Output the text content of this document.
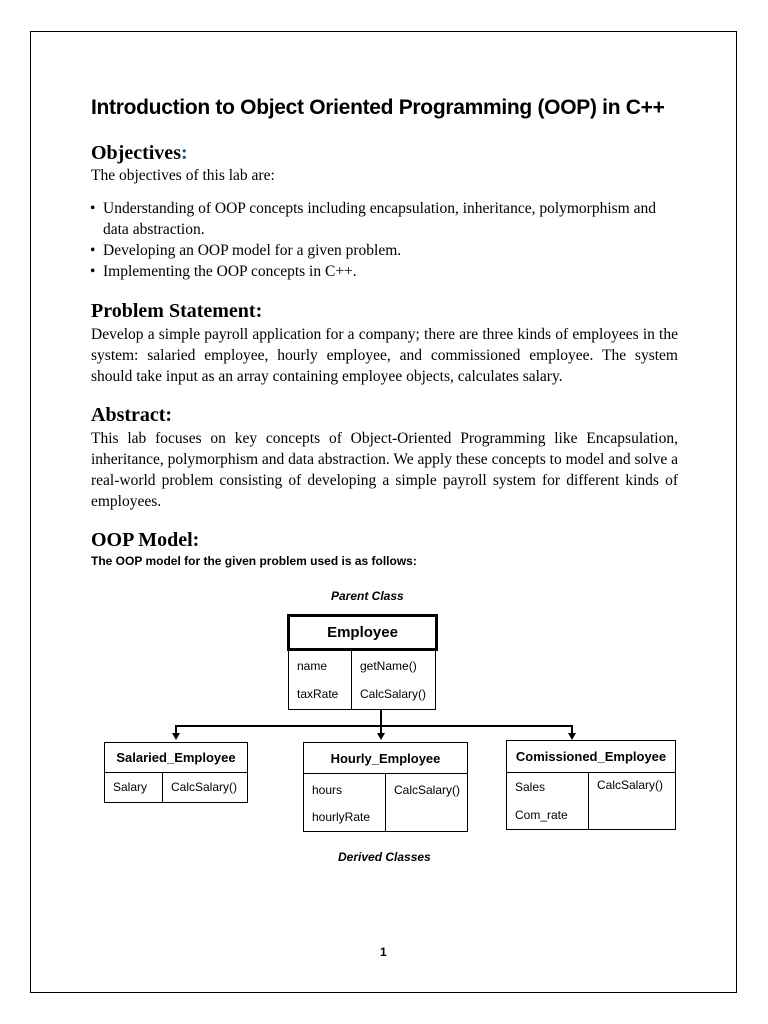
Introduction to Object Oriented Programming (OOP) in C++
Objectives:

The objectives of this lab are:

• Understanding of OOP concepts including encapsulation, inheritance, polymorphism and data abstraction.
• Developing an OOP model for a given problem.
• Implementing the OOP concepts in C++.
Problem Statement:

Develop a simple payroll application for a company; there are three kinds of employees in the system: salaried employee, hourly employee, and commissioned employee. The system should take input as an array containing employee objects, calculates salary.

Abstract:

This lab focuses on key concepts of Object-Oriented Programming like Encapsulation, inheritance, polymorphism and data abstraction. We apply these concepts to model and solve a real-world problem consisting of developing a simple payroll system for different kinds of employees.

OOP Model:

The OOP model for the given problem used is as follows:

Parent Class
Employee
name
taxRate
getName()
CalcSalary()
Salaried_Employee
Salary CalcSalary()
Hourly_Employee
hours
hourlyRate
CalcSalary()
Comissioned_Employee
Sales
Com_rate
CalcSalary()
Derived Classes
1
